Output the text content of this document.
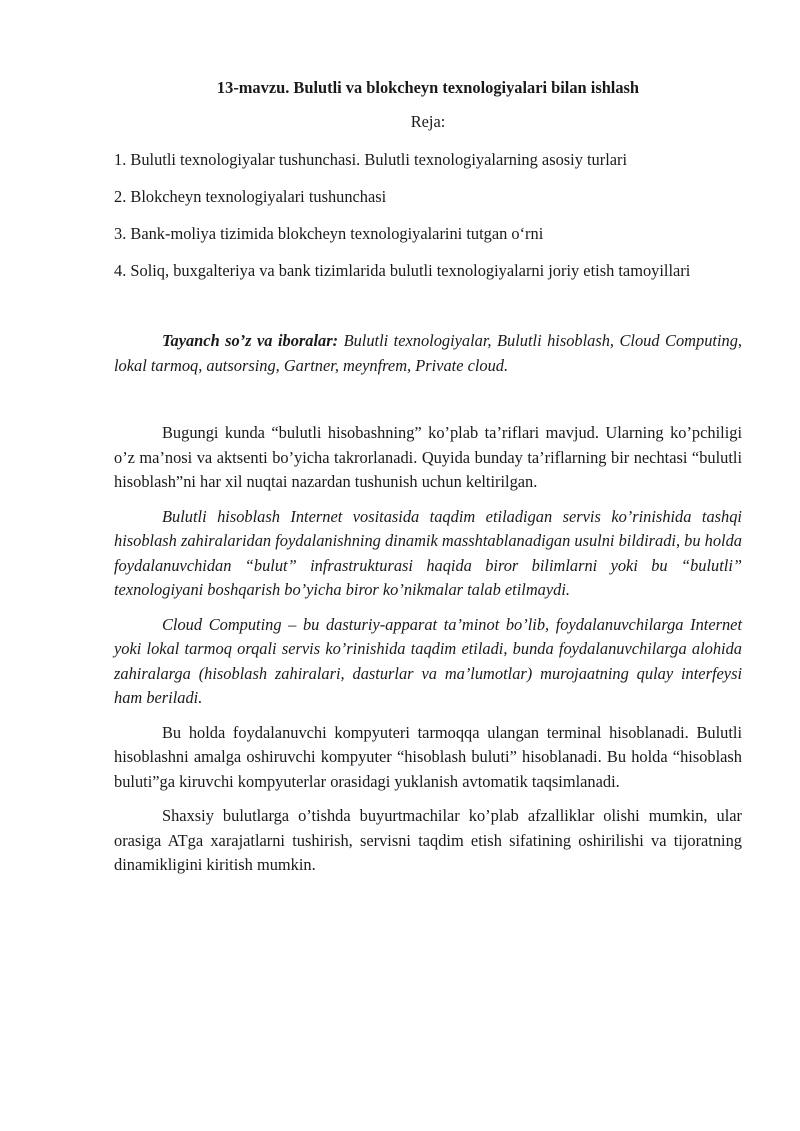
13-mavzu. Bulutli va blokcheyn texnologiyalari bilan ishlash
Reja:
1. Bulutli texnologiyalar tushunchasi. Bulutli texnologiyalarning asosiy turlari
2. Blokcheyn texnologiyalari tushunchasi
3. Bank-moliya tizimida blokcheyn texnologiyalarini tutgan o‘rni
4. Soliq, buxgalteriya va bank tizimlarida bulutli texnologiyalarni joriy etish tamoyillari
Tayanch so’z va iboralar: Bulutli texnologiyalar, Bulutli hisoblash, Cloud Computing, lokal tarmoq, autsorsing, Gartner, meynfrem, Private cloud.
Bugungi kunda “bulutli hisobashning” ko’plab ta’riflari mavjud. Ularning ko’pchiligi o’z ma’nosi va aktsenti bo’yicha takrorlanadi. Quyida bunday ta’riflarning bir nechtasi “bulutli hisoblash”ni har xil nuqtai nazardan tushunish uchun keltirilgan.
Bulutli hisoblash Internet vositasida taqdim etiladigan servis ko’rinishida tashqi hisoblash zahiralaridan foydalanishning dinamik masshtablanadigan usulni bildiradi, bu holda foydalanuvchidan “bulut” infrastrukturasi haqida biror bilimlarni yoki bu “bulutli” texnologiyani boshqarish bo’yicha biror ko’nikmalar talab etilmaydi.
Cloud Computing – bu dasturiy-apparat ta’minot bo’lib, foydalanuvchilarga Internet yoki lokal tarmoq orqali servis ko’rinishida taqdim etiladi, bunda foydalanuvchilarga alohida zahiralarga (hisoblash zahiralari, dasturlar va ma’lumotlar) murojaatning qulay interfeysi ham beriladi.
Bu holda foydalanuvchi kompyuteri tarmoqqa ulangan terminal hisoblanadi. Bulutli hisoblashni amalga oshiruvchi kompyuter “hisoblash buluti” hisoblanadi. Bu holda “hisoblash buluti”ga kiruvchi kompyuterlar orasidagi yuklanish avtomatik taqsimlanadi.
Shaxsiy bulutlarga o’tishda buyurtmachilar ko’plab afzalliklar olishi mumkin, ular orasiga ATga xarajatlarni tushirish, servisni taqdim etish sifatining oshirilishi va tijoratning dinamikligini kiritish mumkin.
